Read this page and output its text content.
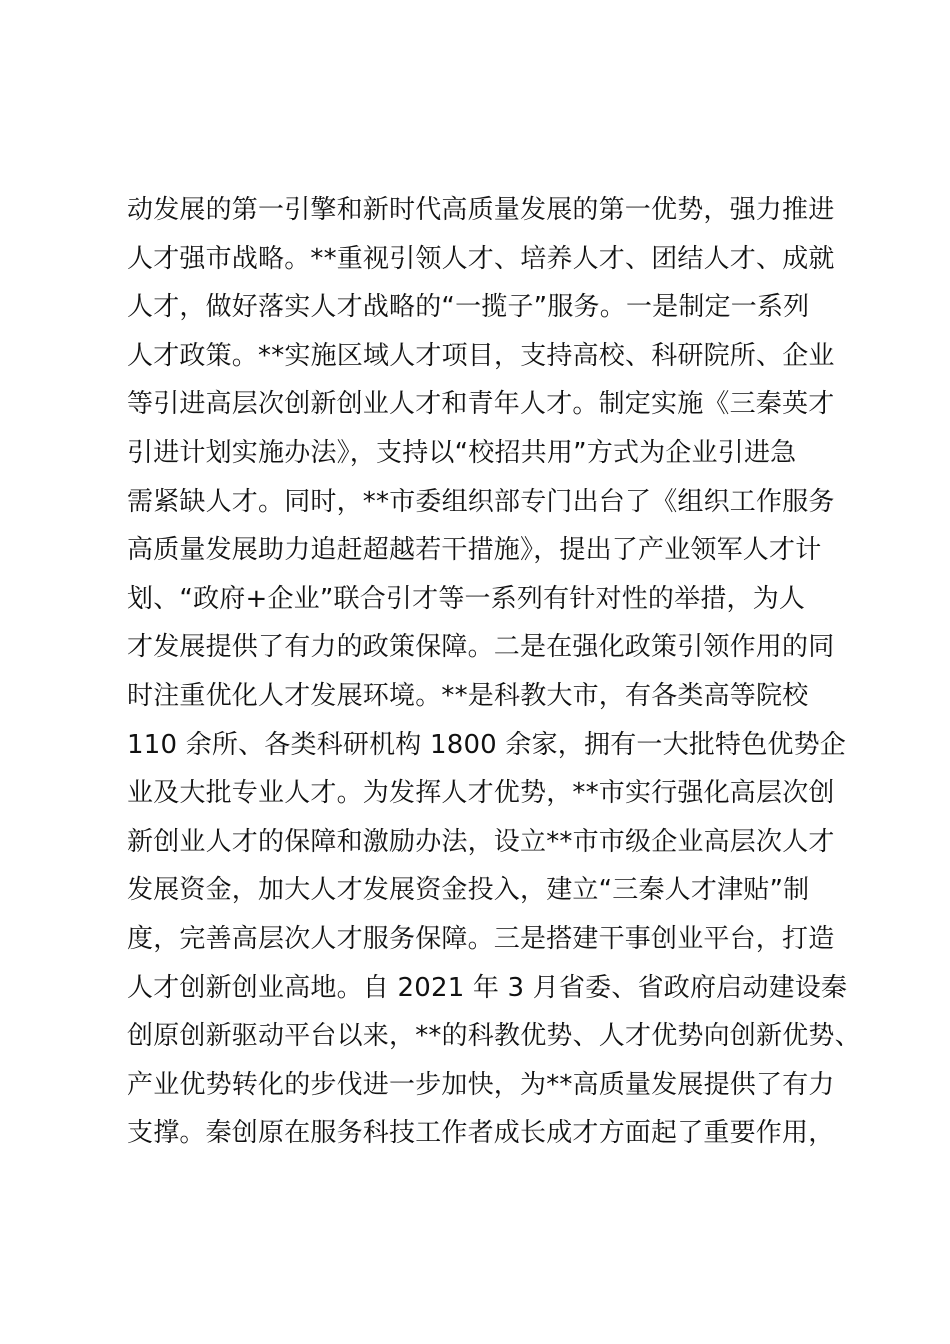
动发展的第一引擎和新时代高质量发展的第一优势，强力推进
人才强市战略。**重视引领人才、培养人才、团结人才、成就
人才，做好落实人才战略的“一揽子”服务。一是制定一系列
人才政策。**实施区域人才项目，支持高校、科研院所、企业
等引进高层次创新创业人才和青年人才。制定实施《三秦英才
引进计划实施办法》，支持以“校招共用”方式为企业引进急
需紧缺人才。同时，**市委组织部专门出台了《组织工作服务
高质量发展助力追赶超越若干措施》，提出了产业领军人才计
划、“政府+企业”联合引才等一系列有针对性的举措，为人
才发展提供了有力的政策保障。二是在强化政策引领作用的同
时注重优化人才发展环境。**是科教大市，有各类高等院校
110 余所、各类科研机构 1800 余家，拥有一大批特色优势企
业及大批专业人才。为发挥人才优势，**市实行强化高层次创
新创业人才的保障和激励办法，设立**市市级企业高层次人才
发展资金，加大人才发展资金投入，建立“三秦人才津贴”制
度，完善高层次人才服务保障。三是搭建干事创业平台，打造
人才创新创业高地。自 2021 年 3 月省委、省政府启动建设秦
创原创新驱动平台以来，**的科教优势、人才优势向创新优势、
产业优势转化的步伐进一步加快，为**高质量发展提供了有力
支撑。秦创原在服务科技工作者成长成才方面起了重要作用，
